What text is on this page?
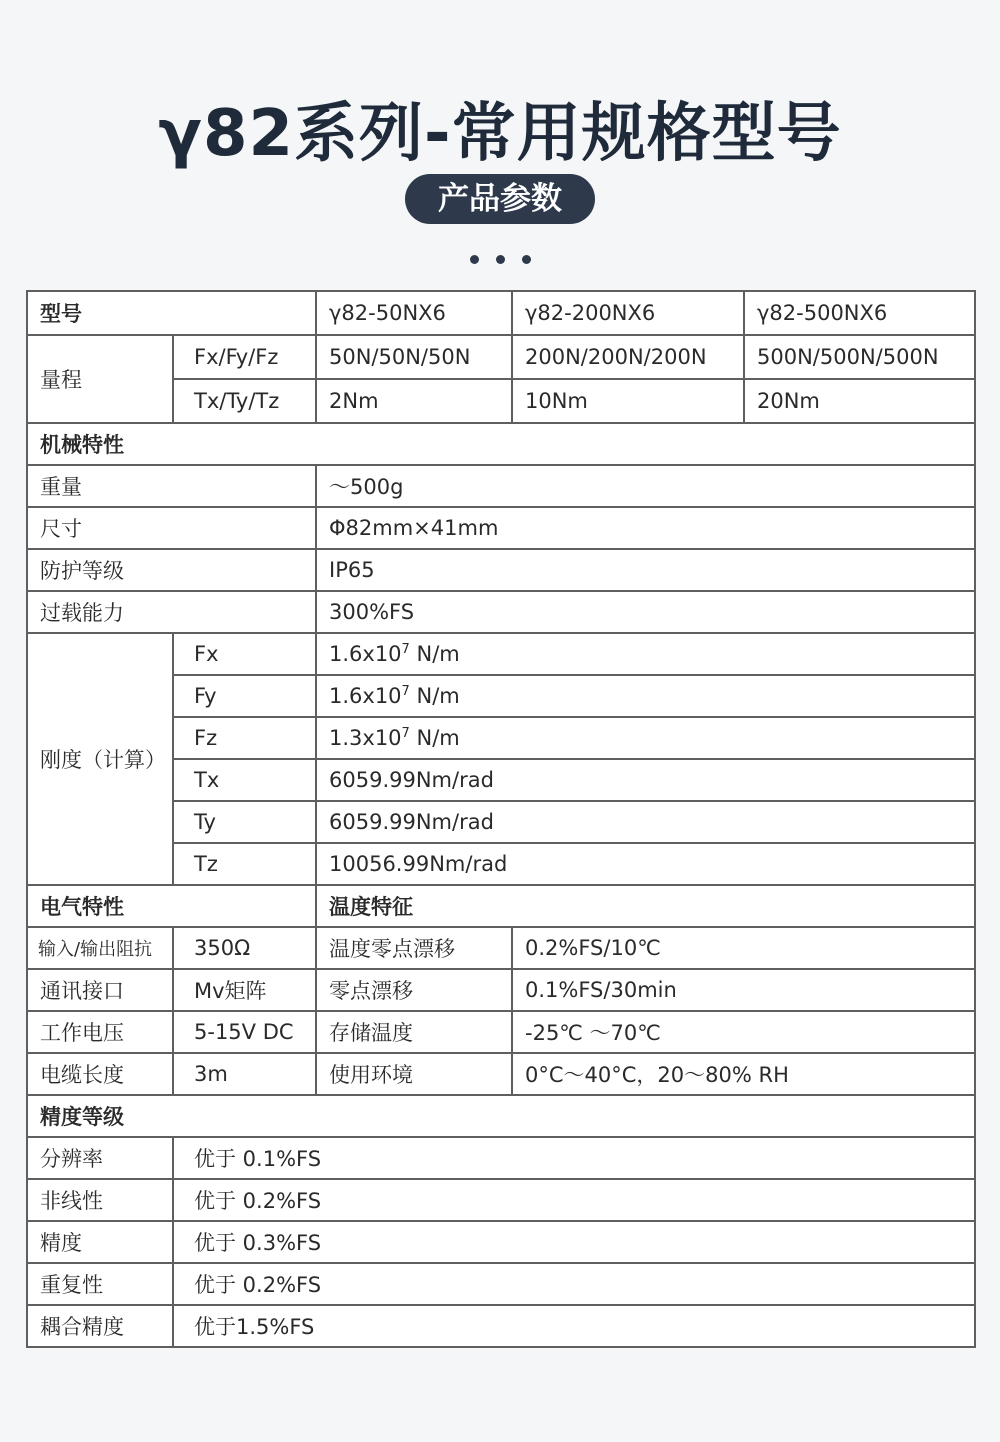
γ82系列-常用规格型号
产品参数
型号		γ82-50NX6	γ82-200NX6	γ82-500NX6
量程	Fx/Fy/Fz	50N/50N/50N	200N/200N/200N	500N/500N/500N
	Tx/Ty/Tz	2Nm	10Nm	20Nm
机械特性				
重量		～500g		
尺寸		Φ82mm×41mm		
防护等级		IP65		
过载能力		300%FS		
刚度（计算）	Fx	$1.6x10^7$ N/m		
	Fy	$1.6x10^7$ N/m		
	Fz	$1.3x10^7$ N/m		
	Tx	6059.99Nm/rad		
	Ty	6059.99Nm/rad		
	Tz	10056.99Nm/rad		
电气特性		温度特征		
输入/输出阻抗	350Ω	温度零点漂移	0.2%FS/10℃	
通讯接口	Mv矩阵	零点漂移	0.1%FS/30min	
工作电压	5-15V DC	存储温度	-25℃ ～70℃	
电缆长度	3m	使用环境	0°C～40°C，20～80% RH	
精度等级				
分辨率	优于 0.1%FS			
非线性	优于 0.2%FS			
精度	优于 0.3%FS			
重复性	优于 0.2%FS			
耦合精度	优于1.5%FS			
